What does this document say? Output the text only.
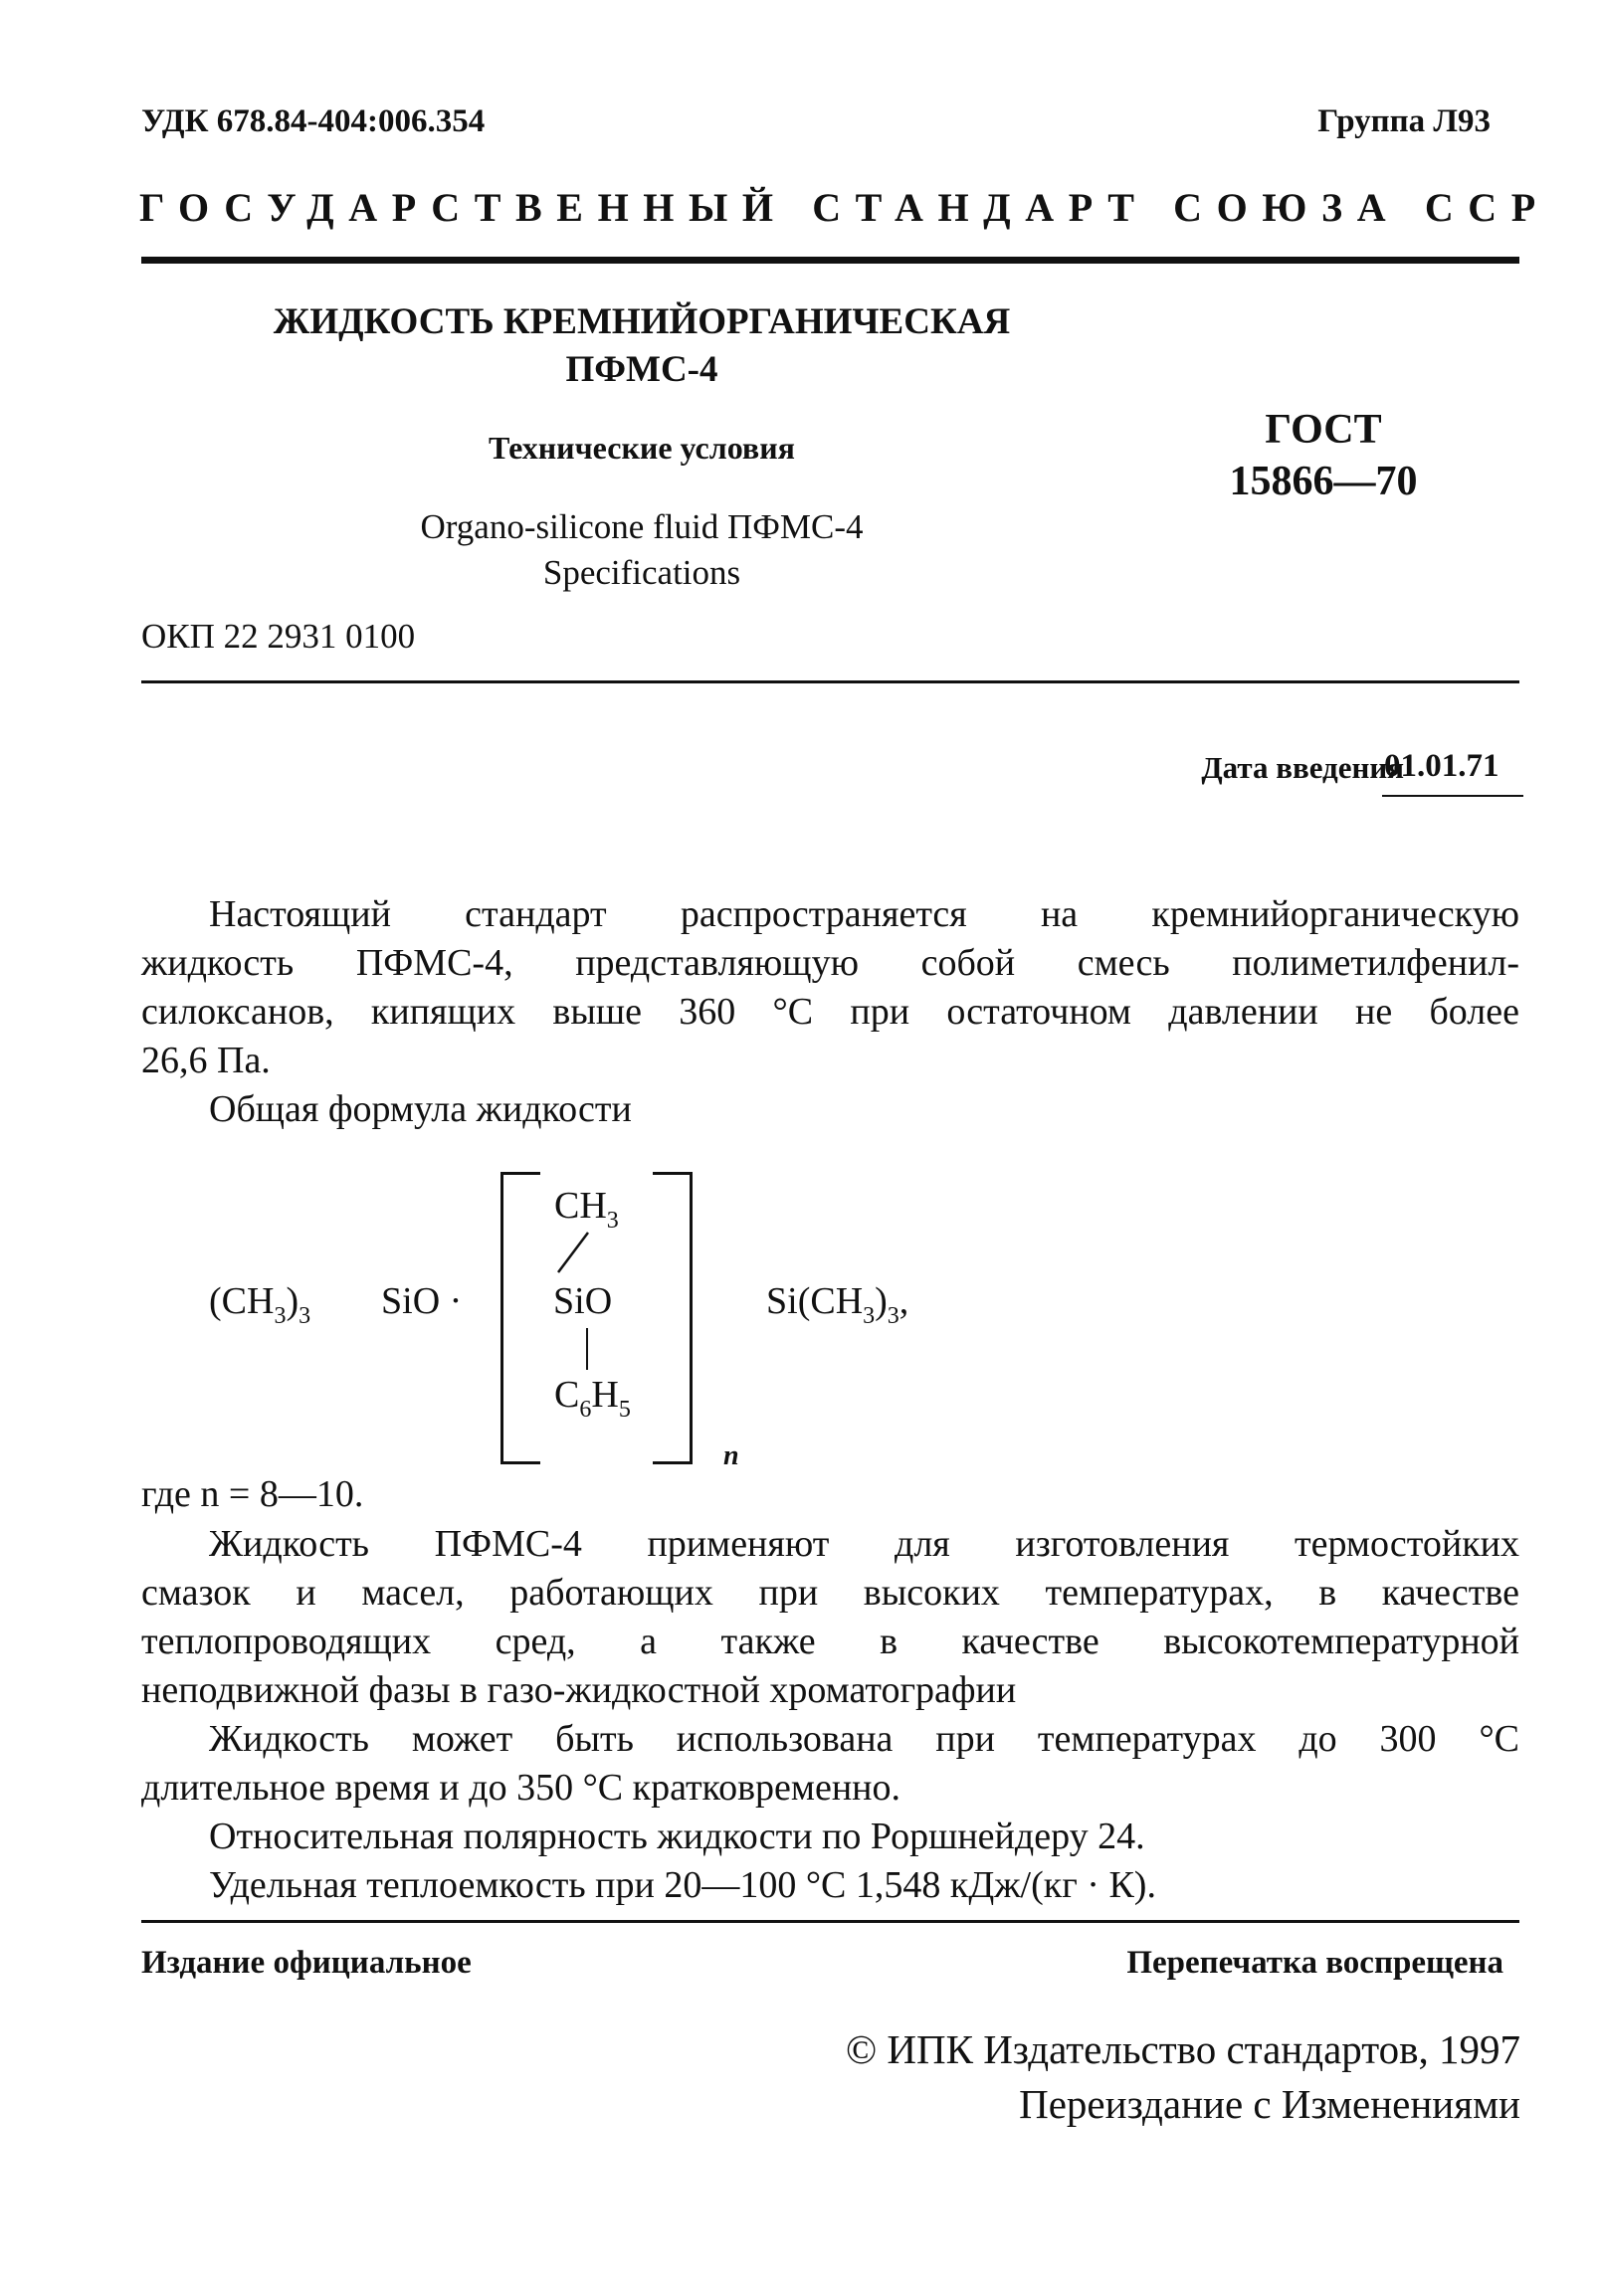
УДК 678.84-404:006.354	Группа Л93
ГОСУДАРСТВЕННЫЙ СТАНДАРТ СОЮЗА ССР
ЖИДКОСТЬ КРЕМНИЙОРГАНИЧЕСКАЯ
ПФМС-4
Технические условия
Organo-silicone fluid ПФМС-4
Specifications
ГОСТ
15866—70
ОКП 22 2931 0100
Дата введения
01.01.71
Настоящий стандарт распространяется на кремнийорганическую
жидкость ПФМС-4, представляющую собой смесь полиметилфенил-
силоксанов, кипящих выше 360 °С при остаточном давлении не более
26,6 Па.
Общая формула жидкости
$(CH_3)_3$ SiO ·
$CH_3$
SiO
$C_6H_5$
n
$Si(CH_3)_3$,
где n = 8—10.
Жидкость ПФМС-4 применяют для изготовления термостойких
смазок и масел, работающих при высоких температурах, в качестве
теплопроводящих сред, а также в качестве высокотемпературной
неподвижной фазы в газо-жидкостной хроматографии
Жидкость может быть использована при температурах до 300 °С
длительное время и до 350 °С кратковременно.
Относительная полярность жидкости по Роршнейдеру 24.
Удельная теплоемкость при 20—100 °С 1,548 кДж/(кг · К).
Издание официальное	Перепечатка воспрещена
© ИПК Издательство стандартов, 1997
Переиздание с Изменениями
